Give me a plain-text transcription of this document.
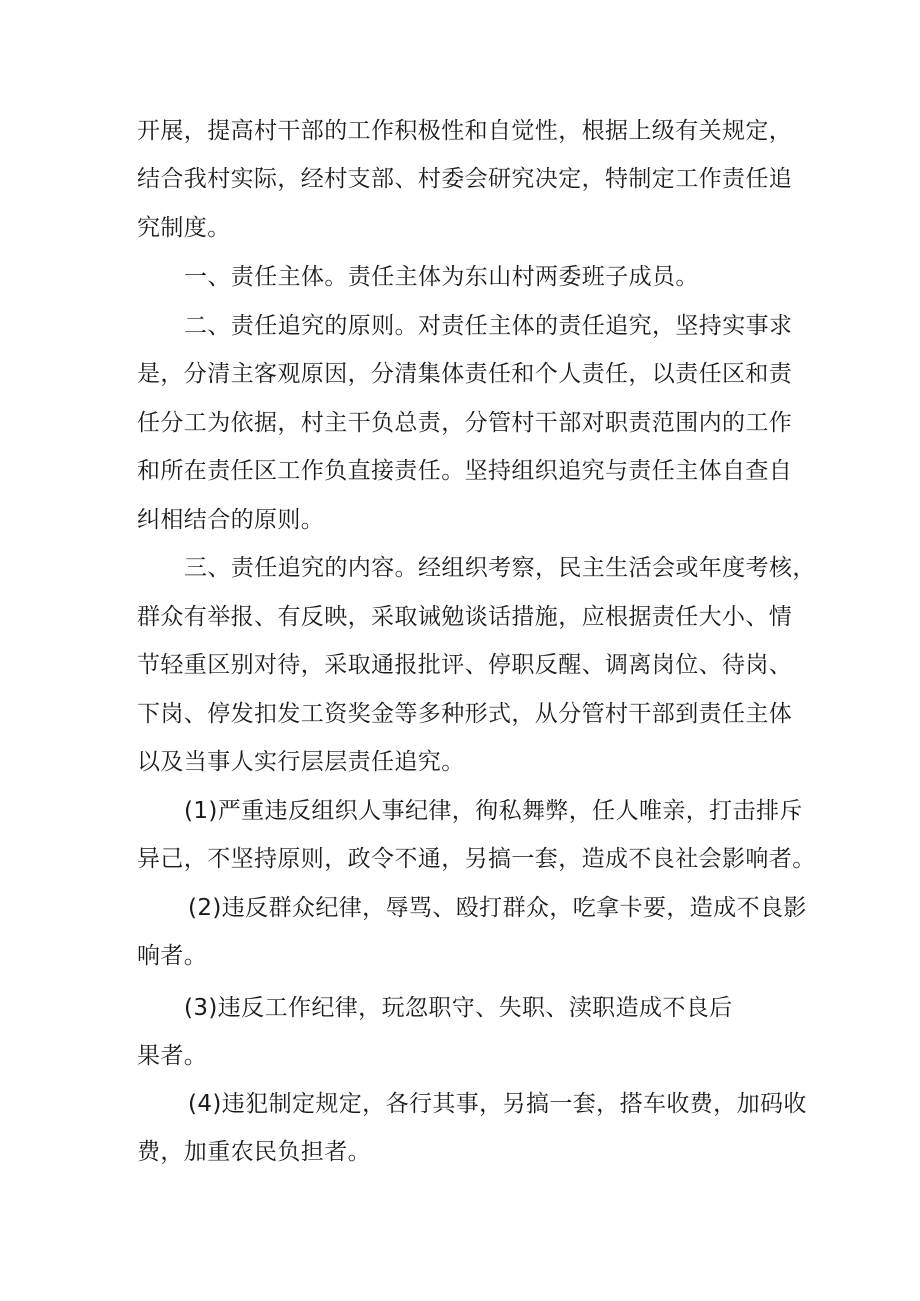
开展，提高村干部的工作积极性和自觉性，根据上级有关规定，

结合我村实际，经村支部、村委会研究决定，特制定工作责任追

究制度。

一、责任主体。责任主体为东山村两委班子成员。

二、责任追究的原则。对责任主体的责任追究，坚持实事求

是，分清主客观原因，分清集体责任和个人责任，以责任区和责

任分工为依据，村主干负总责，分管村干部对职责范围内的工作

和所在责任区工作负直接责任。坚持组织追究与责任主体自查自

纠相结合的原则。

三、责任追究的内容。经组织考察，民主生活会或年度考核，

群众有举报、有反映，采取诫勉谈话措施，应根据责任大小、情

节轻重区别对待，采取通报批评、停职反醒、调离岗位、待岗、

下岗、停发扣发工资奖金等多种形式，从分管村干部到责任主体

以及当事人实行层层责任追究。

(1)严重违反组织人事纪律，徇私舞弊，任人唯亲，打击排斥

异己，不坚持原则，政令不通，另搞一套，造成不良社会影响者。

(2)违反群众纪律，辱骂、殴打群众，吃拿卡要，造成不良影

响者。

(3)违反工作纪律，玩忽职守、失职、渎职造成不良后

果者。

(4)违犯制定规定，各行其事，另搞一套，搭车收费，加码收

费，加重农民负担者。
